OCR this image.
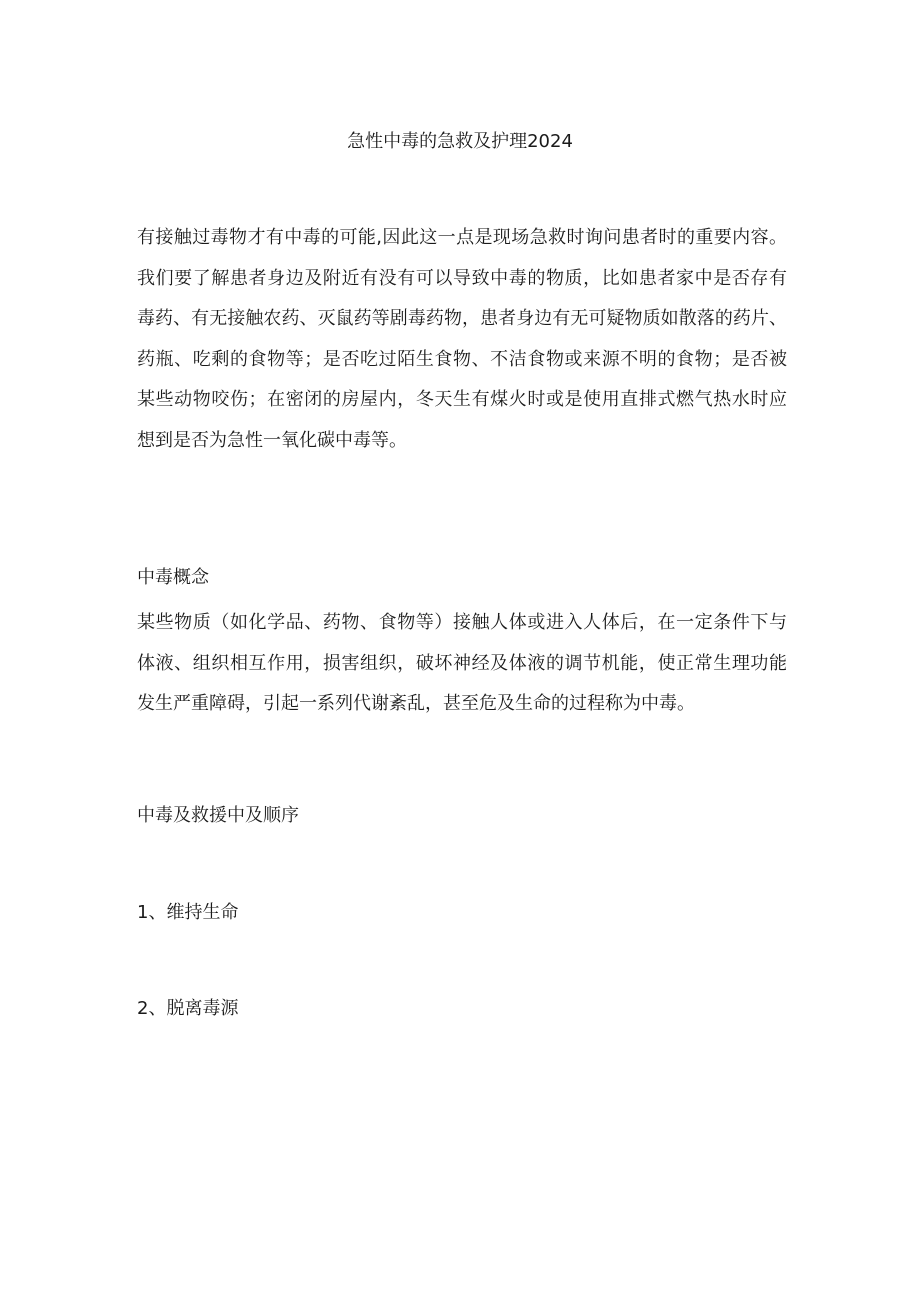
急性中毒的急救及护理2024
有接触过毒物才有中毒的可能,因此这一点是现场急救时询问患者时的重要内容。
我们要了解患者身边及附近有没有可以导致中毒的物质，比如患者家中是否存有
毒药、有无接触农药、灭鼠药等剧毒药物，患者身边有无可疑物质如散落的药片、
药瓶、吃剩的食物等；是否吃过陌生食物、不洁食物或来源不明的食物；是否被
某些动物咬伤；在密闭的房屋内，冬天生有煤火时或是使用直排式燃气热水时应
想到是否为急性一氧化碳中毒等。
中毒概念
某些物质（如化学品、药物、食物等）接触人体或进入人体后，在一定条件下与
体液、组织相互作用，损害组织，破坏神经及体液的调节机能，使正常生理功能
发生严重障碍，引起一系列代谢紊乱，甚至危及生命的过程称为中毒。
中毒及救援中及顺序
1、维持生命
2、脱离毒源
